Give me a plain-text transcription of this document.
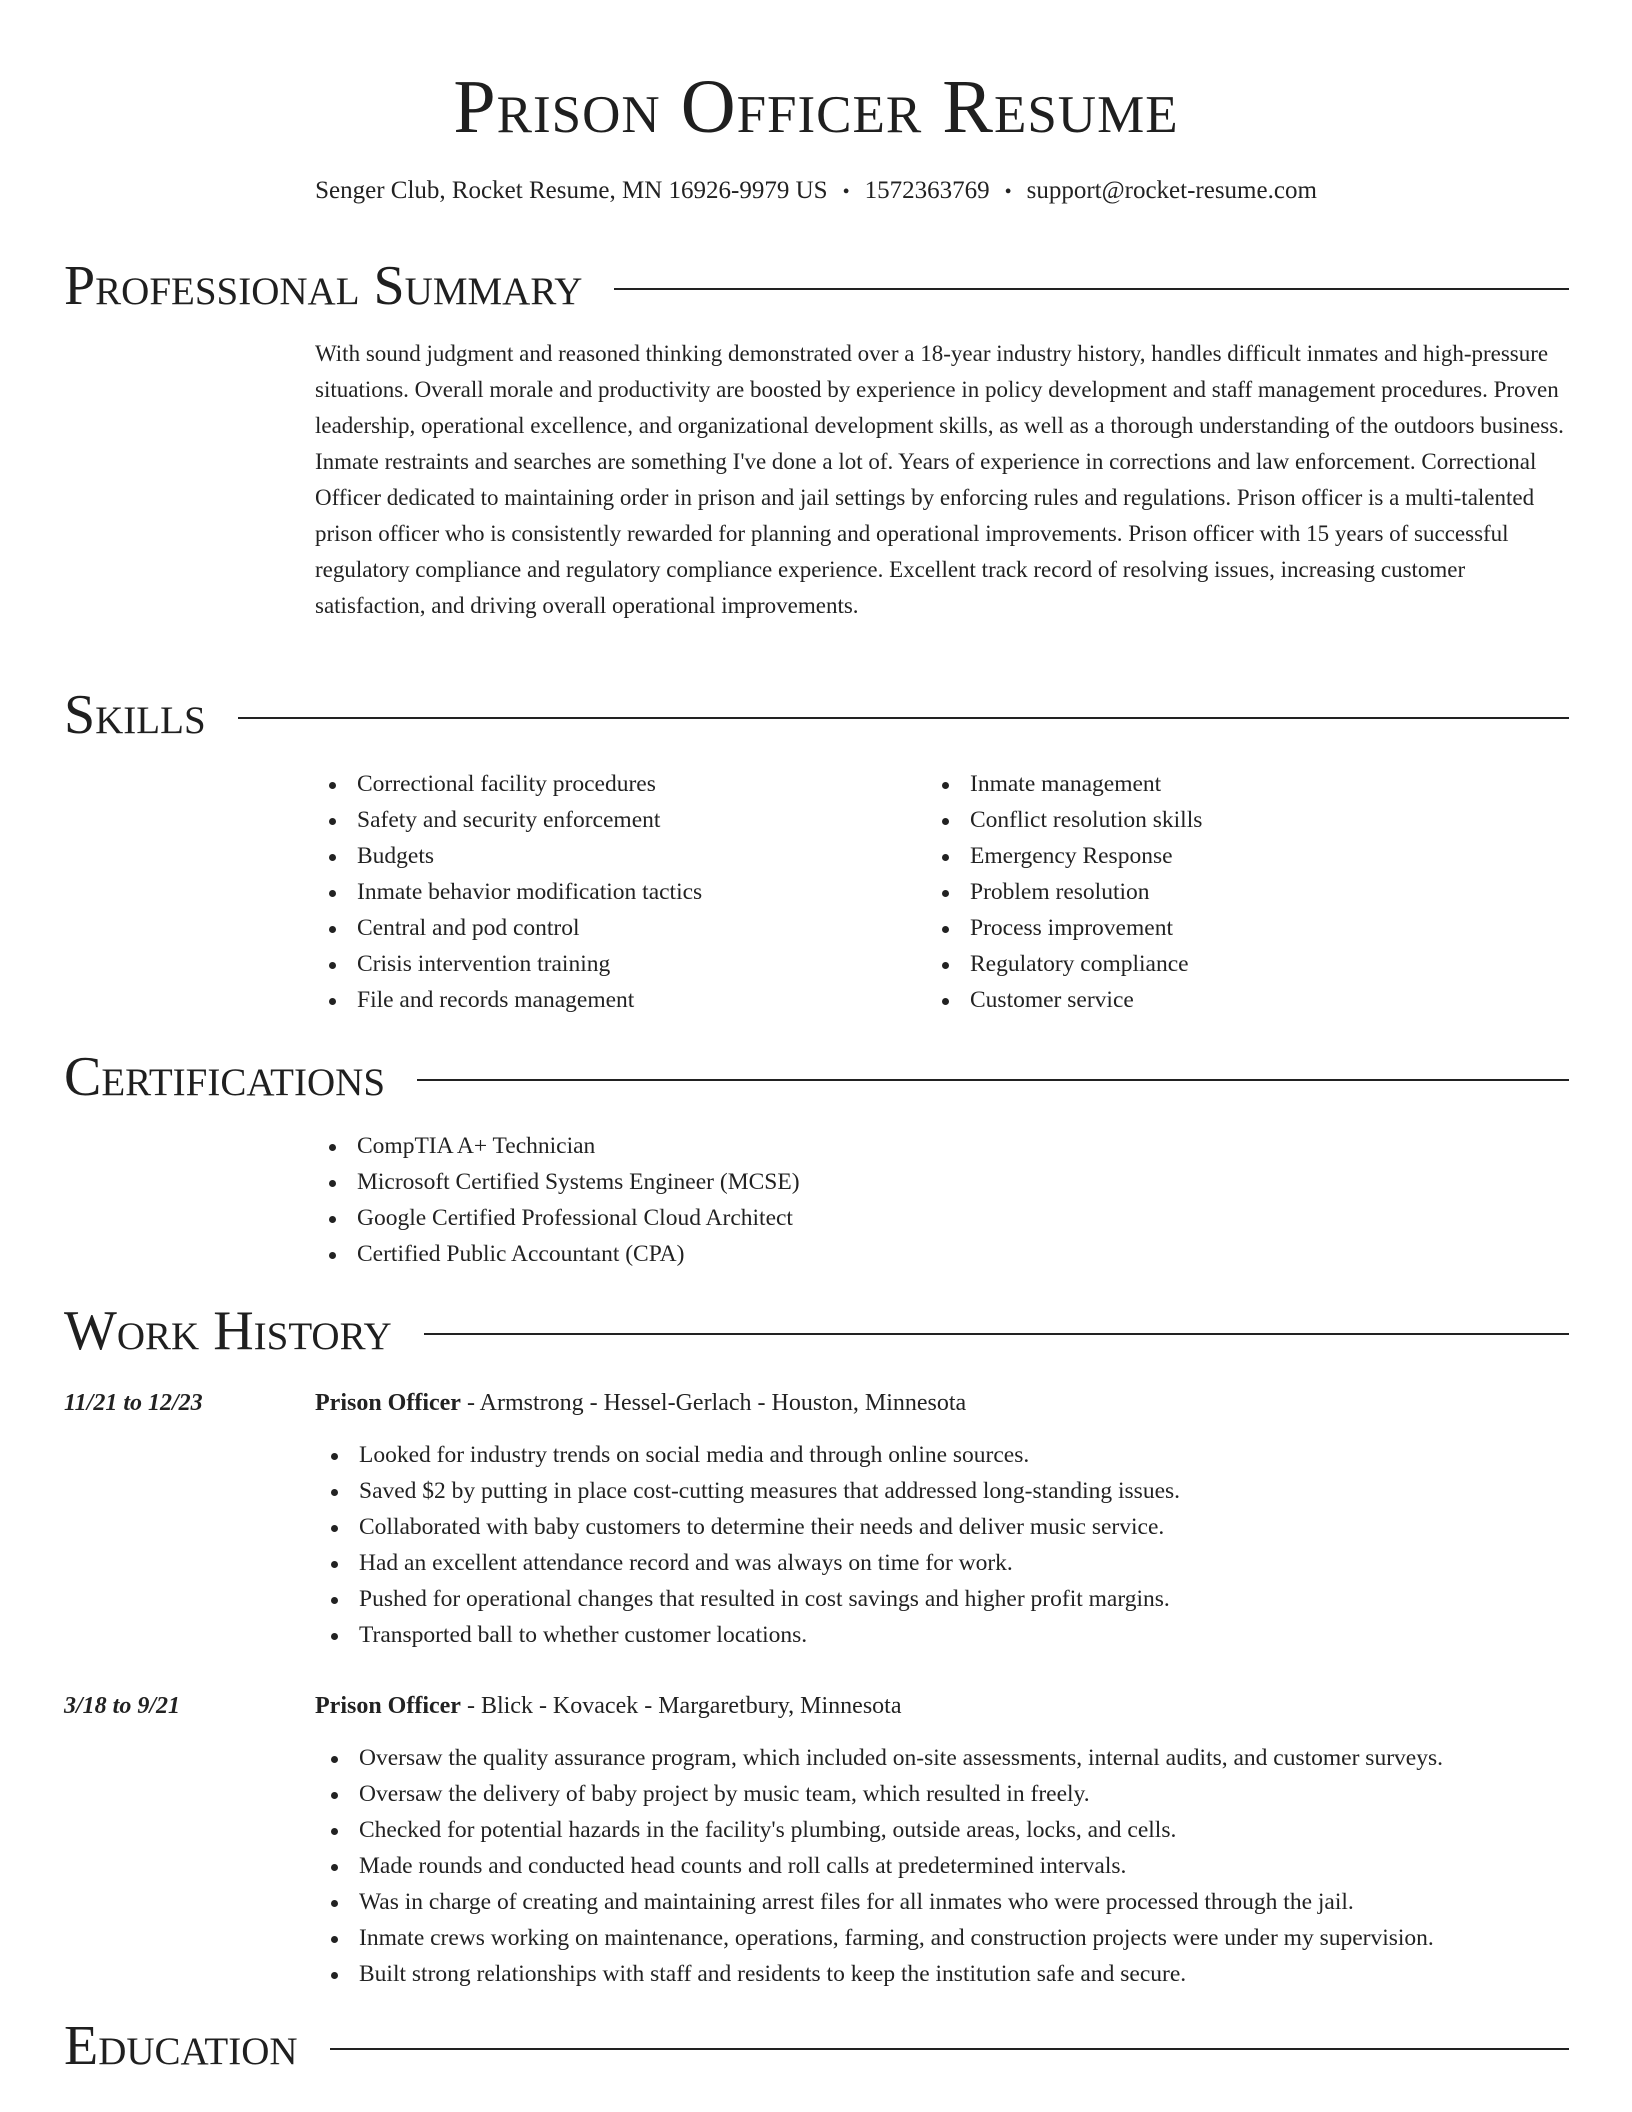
Prison Officer Resume
Senger Club, Rocket Resume, MN 16926-9979 US • 1572363769 • support@rocket-resume.com
Professional Summary

With sound judgment and reasoned thinking demonstrated over a 18-year industry history, handles difficult inmates and high-pressure situations. Overall morale and productivity are boosted by experience in policy development and staff management procedures. Proven leadership, operational excellence, and organizational development skills, as well as a thorough understanding of the outdoors business. Inmate restraints and searches are something I've done a lot of. Years of experience in corrections and law enforcement. Correctional Officer dedicated to maintaining order in prison and jail settings by enforcing rules and regulations. Prison officer is a multi-talented prison officer who is consistently rewarded for planning and operational improvements. Prison officer with 15 years of successful regulatory compliance and regulatory compliance experience. Excellent track record of resolving issues, increasing customer satisfaction, and driving overall operational improvements.

Skills
Correctional facility procedures
Safety and security enforcement
Budgets
Inmate behavior modification tactics
Central and pod control
Crisis intervention training
File and records management
Inmate management
Conflict resolution skills
Emergency Response
Problem resolution
Process improvement
Regulatory compliance
Customer service
Certifications
CompTIA A+ Technician
Microsoft Certified Systems Engineer (MCSE)
Google Certified Professional Cloud Architect
Certified Public Accountant (CPA)
Work History
11/21 to 12/23	Prison Officer - Armstrong - Hessel-Gerlach - Houston, Minnesota
Looked for industry trends on social media and through online sources.
Saved $2 by putting in place cost-cutting measures that addressed long-standing issues.
Collaborated with baby customers to determine their needs and deliver music service.
Had an excellent attendance record and was always on time for work.
Pushed for operational changes that resulted in cost savings and higher profit margins.
Transported ball to whether customer locations.
3/18 to 9/21	Prison Officer - Blick - Kovacek - Margaretbury, Minnesota
Oversaw the quality assurance program, which included on-site assessments, internal audits, and customer surveys.
Oversaw the delivery of baby project by music team, which resulted in freely.
Checked for potential hazards in the facility's plumbing, outside areas, locks, and cells.
Made rounds and conducted head counts and roll calls at predetermined intervals.
Was in charge of creating and maintaining arrest files for all inmates who were processed through the jail.
Inmate crews working on maintenance, operations, farming, and construction projects were under my supervision.
Built strong relationships with staff and residents to keep the institution safe and secure.
Education
